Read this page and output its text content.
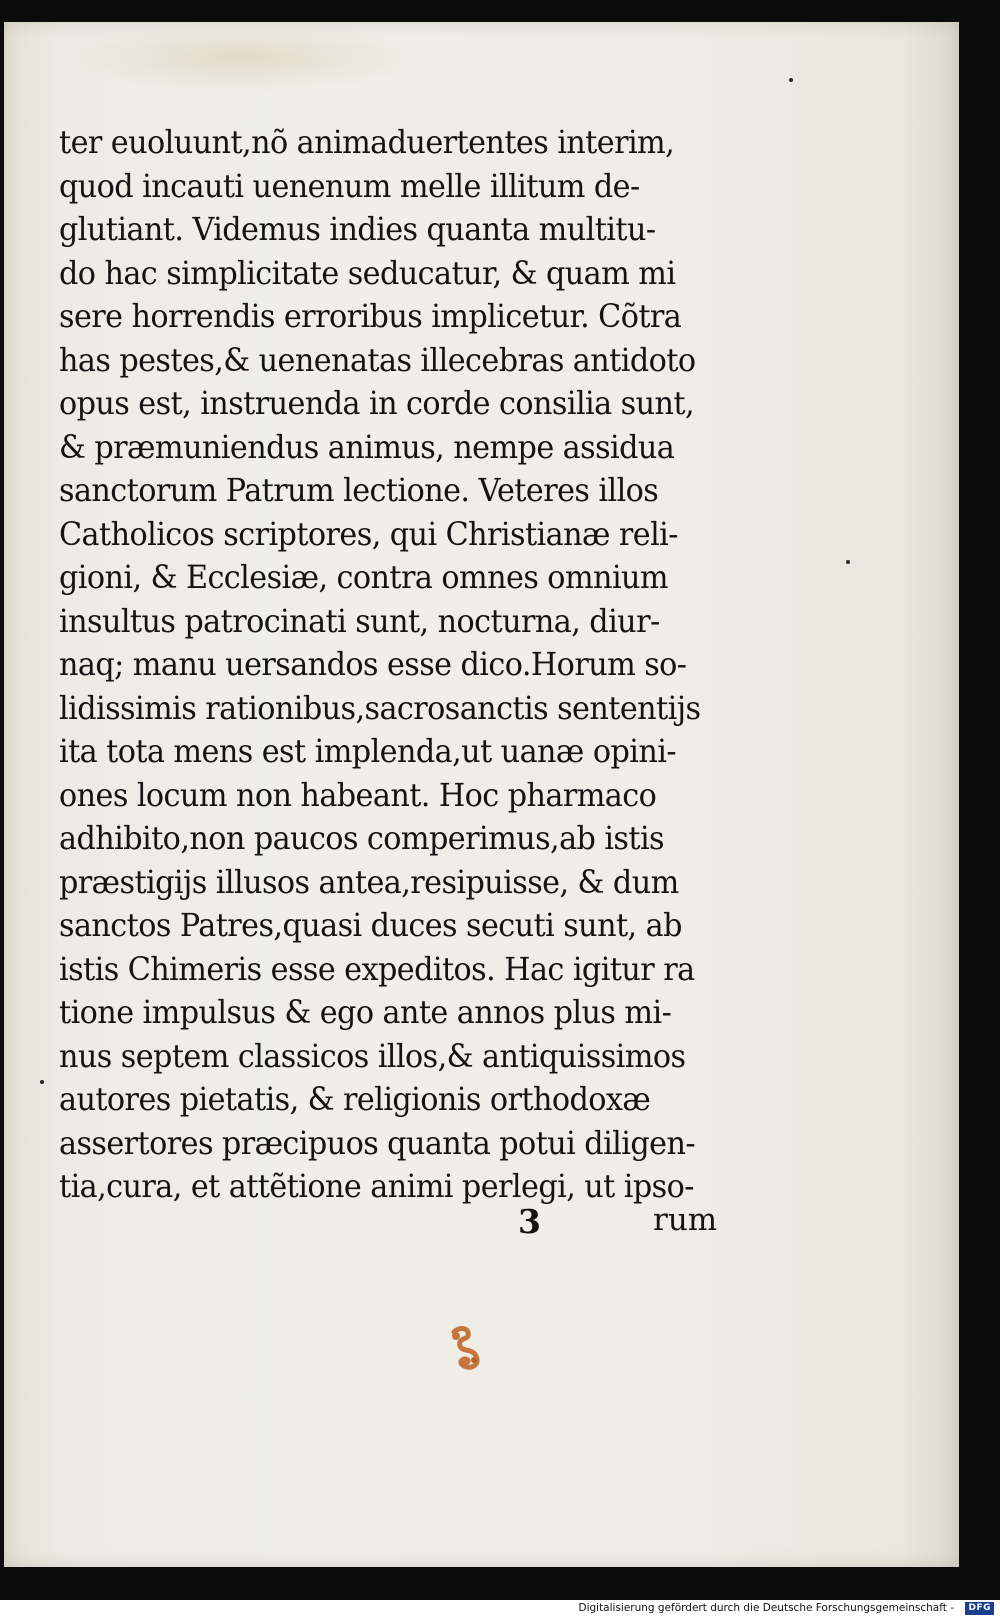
ter euoluunt,nõ animaduertentes interim,
quod incauti uenenum melle illitum de-
glutiant. Videmus indies quanta multitu-
do hac simplicitate seducatur, & quam mi
sere horrendis erroribus implicetur. Cõtra
has pestes,& uenenatas illecebras antidoto
opus est, instruenda in corde consilia sunt,
& præmuniendus animus, nempe assidua
sanctorum Patrum lectione. Veteres illos
Catholicos scriptores, qui Christianæ reli-
gioni, & Ecclesiæ, contra omnes omnium
insultus patrocinati sunt, nocturna, diur-
naq; manu uersandos esse dico.Horum so-
lidissimis rationibus,sacrosanctis sententijs
ita tota mens est implenda,ut uanæ opini-
ones locum non habeant. Hoc pharmaco
adhibito,non paucos comperimus,ab istis
præstigijs illusos antea,resipuisse, & dum
sanctos Patres,quasi duces secuti sunt, ab
istis Chimeris esse expeditos. Hac igitur ra
tione impulsus & ego ante annos plus mi-
nus septem classicos illos,& antiquissimos
autores pietatis, & religionis orthodoxæ
assertores præcipuos quanta potui diligen-
tia,cura, et attẽtione animi perlegi, ut ipso-
3	rum
Digitalisierung gefördert durch die Deutsche Forschungsgemeinschaft -	DFG
